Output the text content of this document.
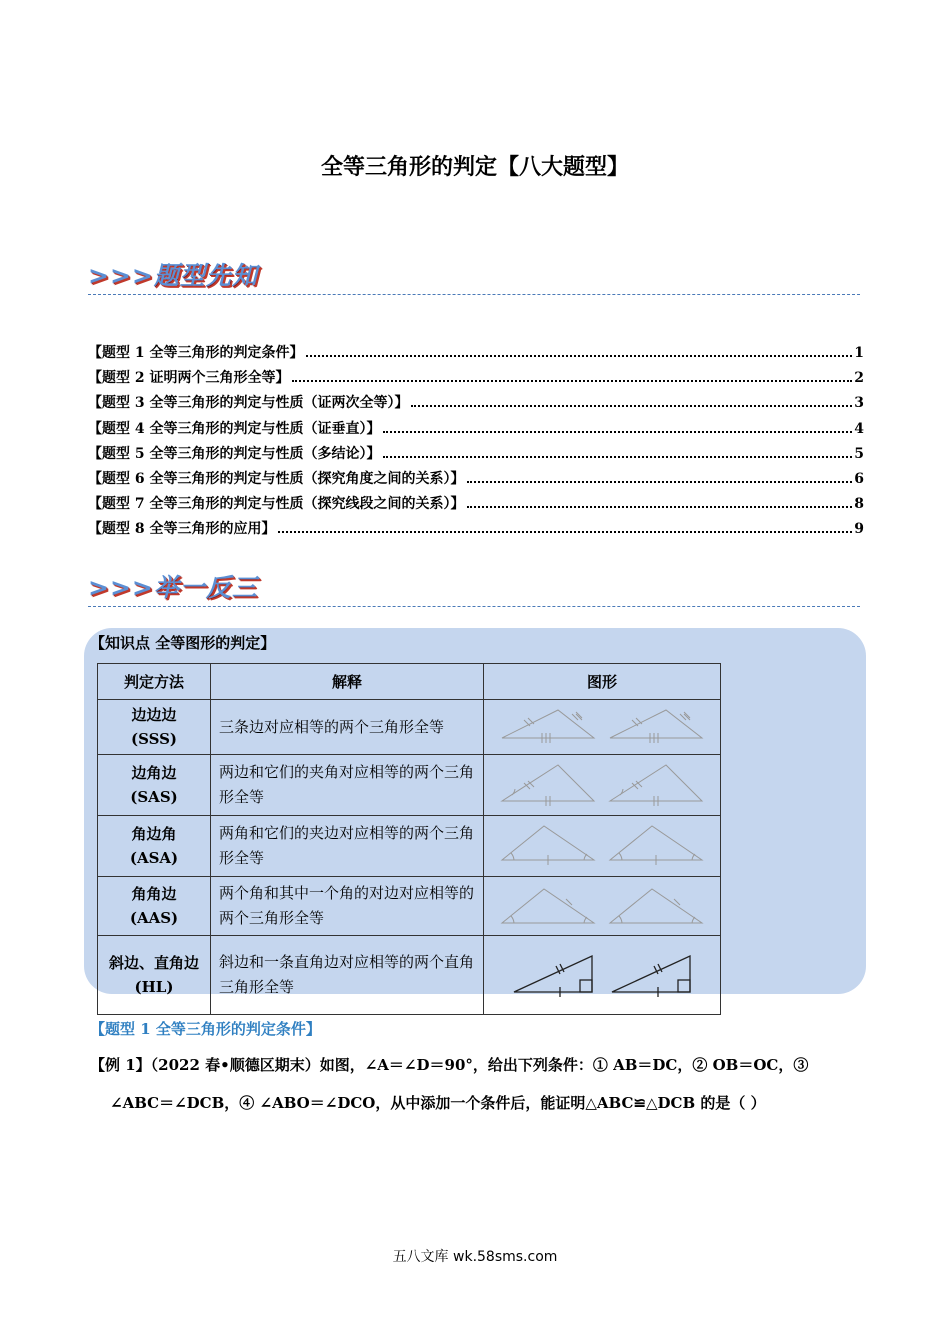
全等三角形的判定【八大题型】
>>>题型先知
【题型 1 全等三角形的判定条件】	1
【题型 2 证明两个三角形全等】	2
【题型 3 全等三角形的判定与性质（证两次全等）】	3
【题型 4 全等三角形的判定与性质（证垂直）】	4
【题型 5 全等三角形的判定与性质（多结论）】	5
【题型 6 全等三角形的判定与性质（探究角度之间的关系）】	6
【题型 7 全等三角形的判定与性质（探究线段之间的关系）】	8
【题型 8 全等三角形的应用】	9
>>>举一反三
【知识点 全等图形的判定】
判定方法	解释	图形
边边边
(SSS)	三条边对应相等的两个三角形全等	
边角边
(SAS)	两边和它们的夹角对应相等的两个三角形全等	
角边角
(ASA)	两角和它们的夹边对应相等的两个三角形全等	
角角边
(AAS)	两个角和其中一个角的对边对应相等的两个三角形全等	
斜边、直角边
(HL)	斜边和一条直角边对应相等的两个直角三角形全等	
【题型 1 全等三角形的判定条件】
【例 1】（2022 春•顺德区期末）如图，∠A＝∠D＝90°，给出下列条件：① AB＝DC，② OB＝OC，③
∠ABC＝∠DCB，④ ∠ABO＝∠DCO，从中添加一个条件后，能证明△ABC≌△DCB 的是（ ）
五八文库 wk.58sms.com
